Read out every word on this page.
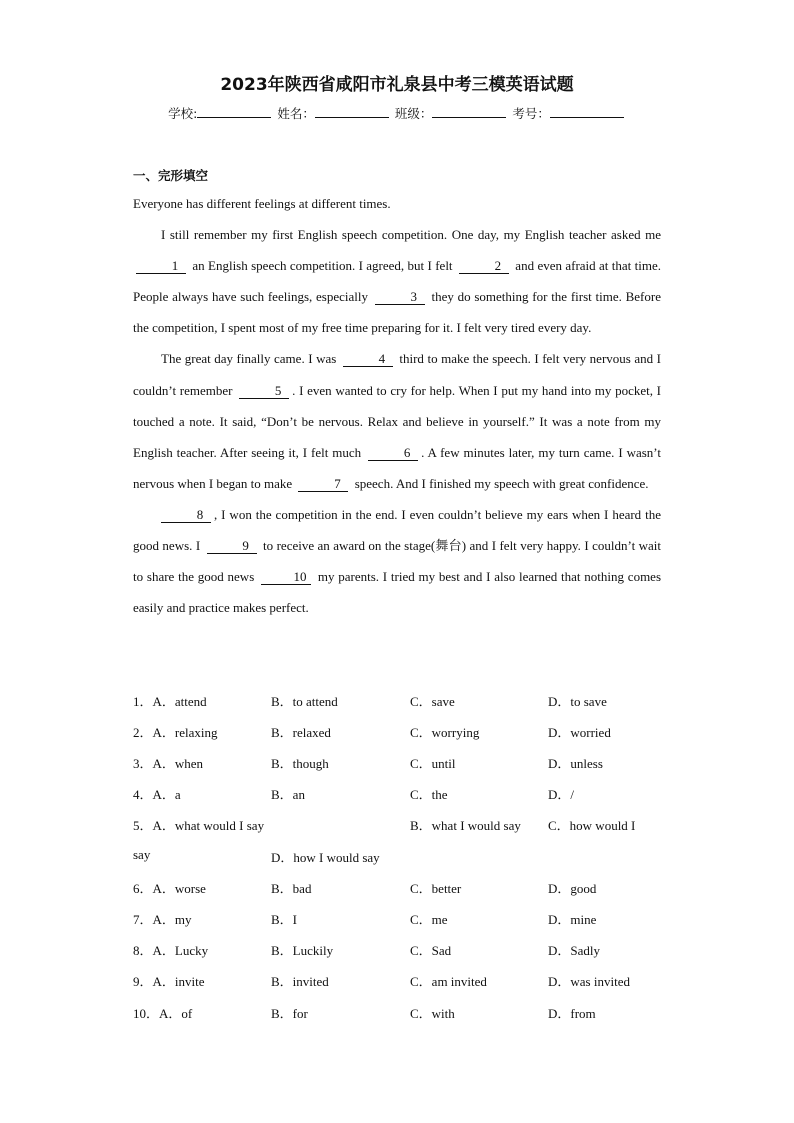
2023年陕西省咸阳市礼泉县中考三模英语试题
学校:	姓名：	班级：	考号：
一、完形填空

Everyone has different feelings at different times.

I still remember my first English speech competition. One day, my English teacher asked me 1 an English speech competition. I agreed, but I felt	2 and even afraid at that time. People always have such feelings, especially	3 they do something for the first time. Before the competition, I spent most of my free time preparing for it. I felt very tired every day.

The great day finally came. I was	4 third to make the speech. I felt very nervous and I couldn’t remember	5 . I even wanted to cry for help. When I put my hand into my pocket, I touched a note. It said, “Don’t be nervous. Relax and believe in yourself.” It was a note from my English teacher. After seeing it, I felt much	6 . A few minutes later, my turn came. I wasn’t nervous when I began to make	7 speech. And I finished my speech with great confidence.

8 , I won the competition in the end. I even couldn’t believe my ears when I heard the good news. I	9 to receive an award on the stage(舞台) and I felt very happy. I couldn’t wait to share the good news	10 my parents. I tried my best and I also learned that nothing comes easily and practice makes perfect.

1．A．attend	B．to attend	C．save	D．to save
2．A．relaxing	B．relaxed	C．worrying	D．worried
3．A．when	B．though	C．until	D．unless
4．A．a	B．an	C．the	D．/
5．A．what would I say	B．what I would say C．how would I
say	D．how I would say
6．A．worse	B．bad	C．better	D．good
7．A．my	B．I	C．me	D．mine
8．A．Lucky	B．Luckily	C．Sad	D．Sadly
9．A．invite	B．invited	C．am invited	D．was invited
10．A．of	B．for	C．with	D．from
